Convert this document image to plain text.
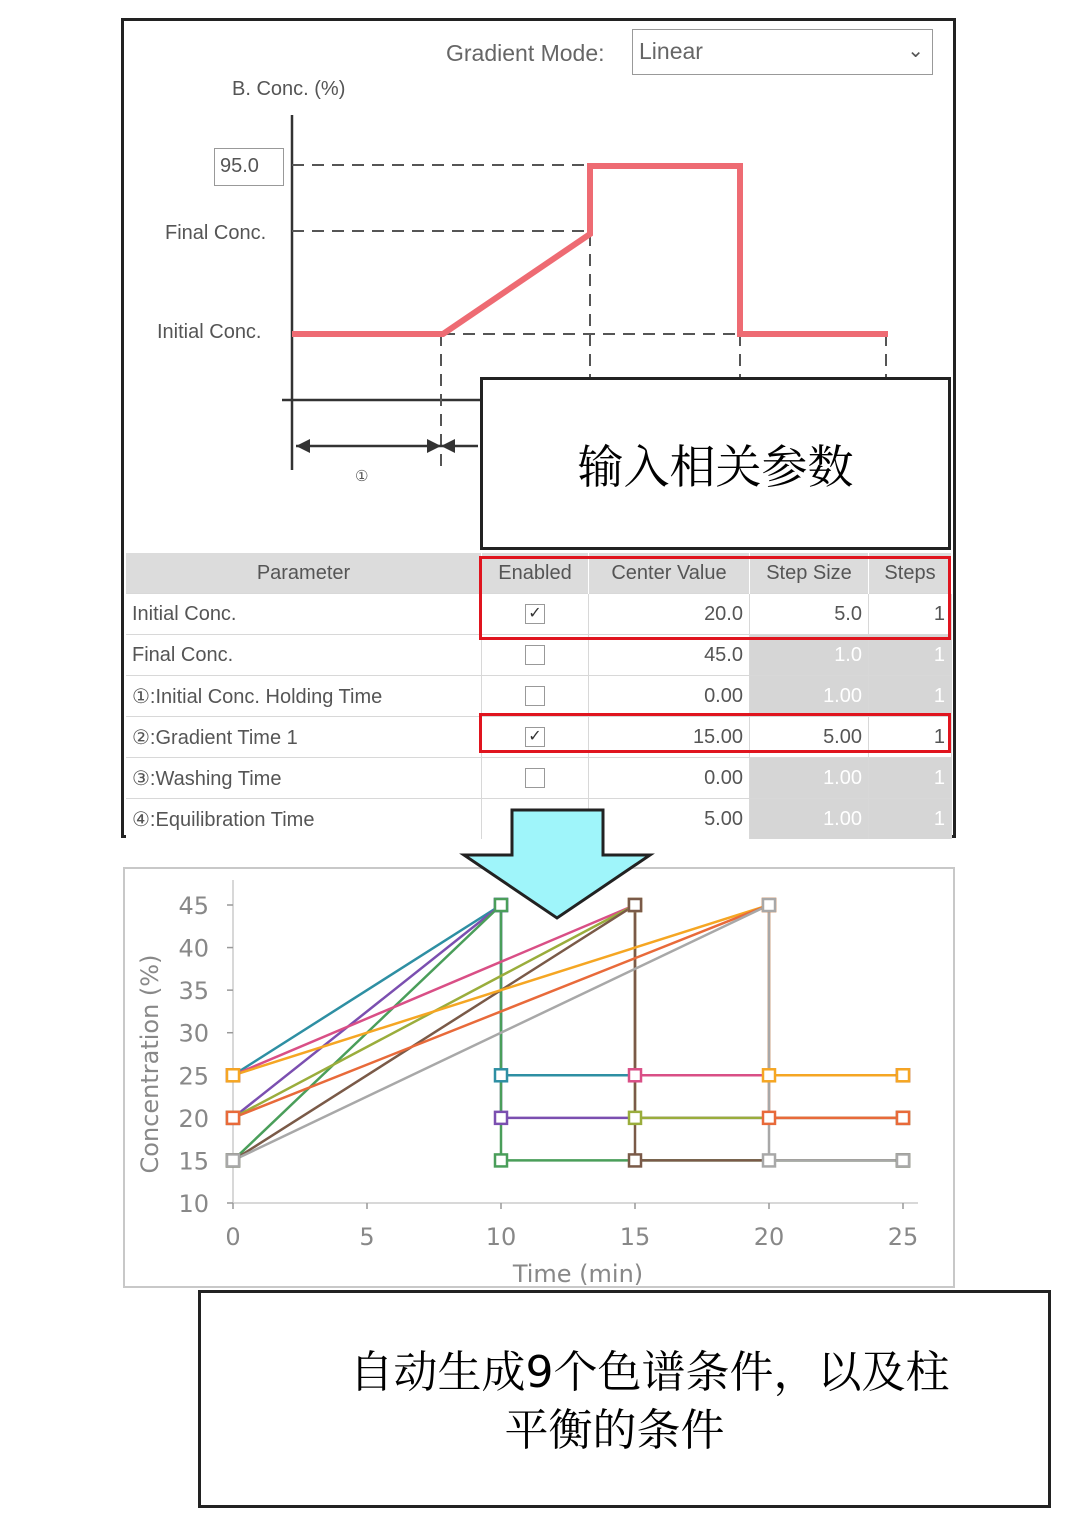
Gradient Mode:	Linear	⌄
B. Conc. (%)
95.0
Final Conc.
Initial Conc.
①	输入相关参数
Parameter	Enabled	Center Value	Step Size	Steps
Initial Conc.	✓	20.0	5.0	1
Final Conc.		45.0	1.0	1
①:Initial Conc. Holding Time		0.00	1.00	1
②:Gradient Time 1	✓	15.00	5.00	1
③:Washing Time		0.00	1.00	1
④:Equilibration Time		5.00	1.00	1
10
15
20
25
30
35
40
45
0	5	10	15	20	25
Time (min)
Concentration (%)
自动生成9个色谱条件，以及柱
平衡的条件
